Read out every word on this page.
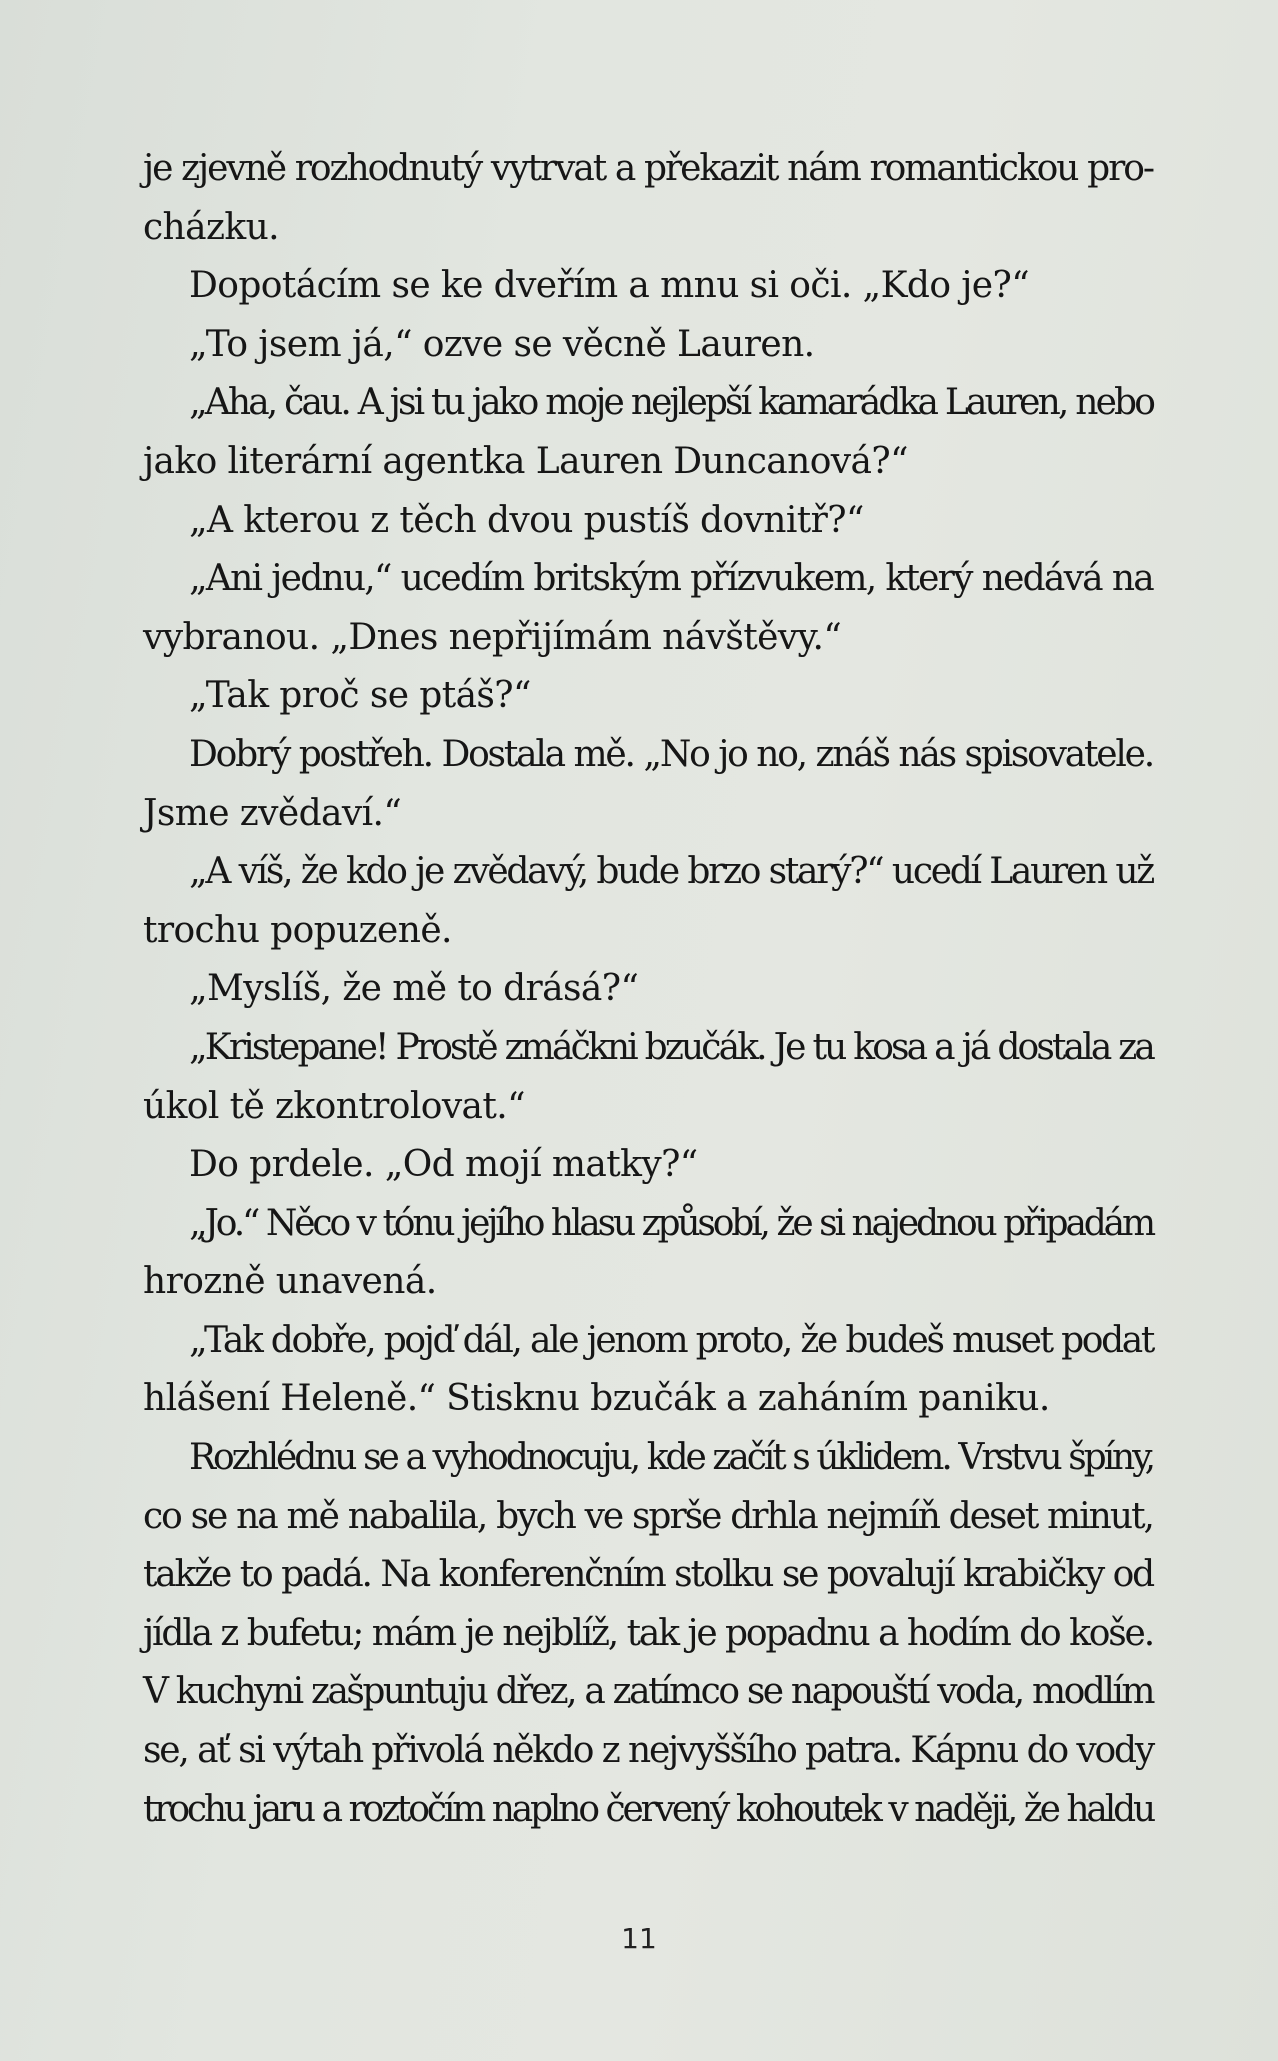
je zjevně rozhodnutý vytrvat a překazit nám romantickou pro-
cházku.
Dopotácím se ke dveřím a mnu si oči. „Kdo je?“
„To jsem já,“ ozve se věcně Lauren.
„Aha, čau. A jsi tu jako moje nejlepší kamarádka Lauren, nebo
jako literární agentka Lauren Duncanová?“
„A kterou z těch dvou pustíš dovnitř?“
„Ani jednu,“ ucedím britským přízvukem, který nedává na
vybranou. „Dnes nepřijímám návštěvy.“
„Tak proč se ptáš?“
Dobrý postřeh. Dostala mě. „No jo no, znáš nás spisovatele.
Jsme zvědaví.“
„A víš, že kdo je zvědavý, bude brzo starý?“ ucedí Lauren už
trochu popuzeně.
„Myslíš, že mě to drásá?“
„Kristepane! Prostě zmáčkni bzučák. Je tu kosa a já dostala za
úkol tě zkontrolovat.“
Do prdele. „Od mojí matky?“
„Jo.“ Něco v tónu jejího hlasu způsobí, že si najednou připadám
hrozně unavená.
„Tak dobře, pojď dál, ale jenom proto, že budeš muset podat
hlášení Heleně.“ Stisknu bzučák a zaháním paniku.
Rozhlédnu se a vyhodnocuju, kde začít s úklidem. Vrstvu špíny,
co se na mě nabalila, bych ve sprše drhla nejmíň deset minut,
takže to padá. Na konferenčním stolku se povalují krabičky od
jídla z bufetu; mám je nejblíž, tak je popadnu a hodím do koše.
V kuchyni zašpuntuju dřez, a zatímco se napouští voda, modlím
se, ať si výtah přivolá někdo z nejvyššího patra. Kápnu do vody
trochu jaru a roztočím naplno červený kohoutek v naději, že haldu
11
